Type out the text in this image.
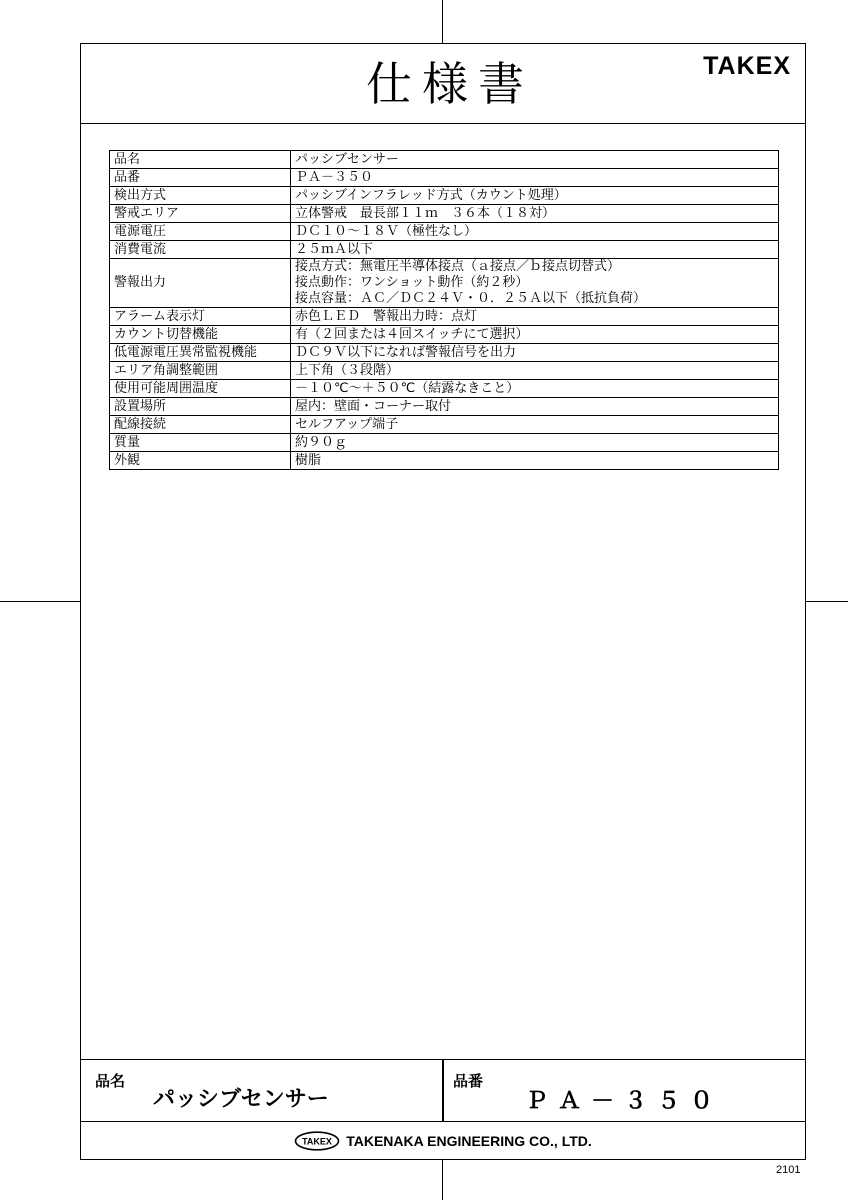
仕様書	TAKEX
品名	パッシブセンサー

品番	ＰＡ－３５０

検出方式	パッシブインフラレッド方式（カウント処理）

警戒エリア	立体警戒　最長部１１ｍ　３６本（１８対）

電源電圧	ＤＣ１０～１８Ｖ（極性なし）

消費電流	２５ｍＡ以下

警報出力	接点方式：無電圧半導体接点（ａ接点／ｂ接点切替式）
接点動作：ワンショット動作（約２秒）
接点容量：ＡＣ／ＤＣ２４Ｖ・０．２５Ａ以下（抵抗負荷）

アラーム表示灯	赤色ＬＥＤ　警報出力時：点灯

カウント切替機能	有（２回または４回スイッチにて選択）

低電源電圧異常監視機能	ＤＣ９Ｖ以下になれば警報信号を出力

エリア角調整範囲	上下角（３段階）

使用可能周囲温度	－１０℃～＋５０℃（結露なきこと）

設置場所	屋内：壁面・コーナー取付

配線接続	セルフアップ端子

質量	約９０ｇ

外観	樹脂
品名
パッシブセンサー
品番
ＰＡ－３５０
TAKEX TAKENAKA ENGINEERING CO., LTD.
2101
